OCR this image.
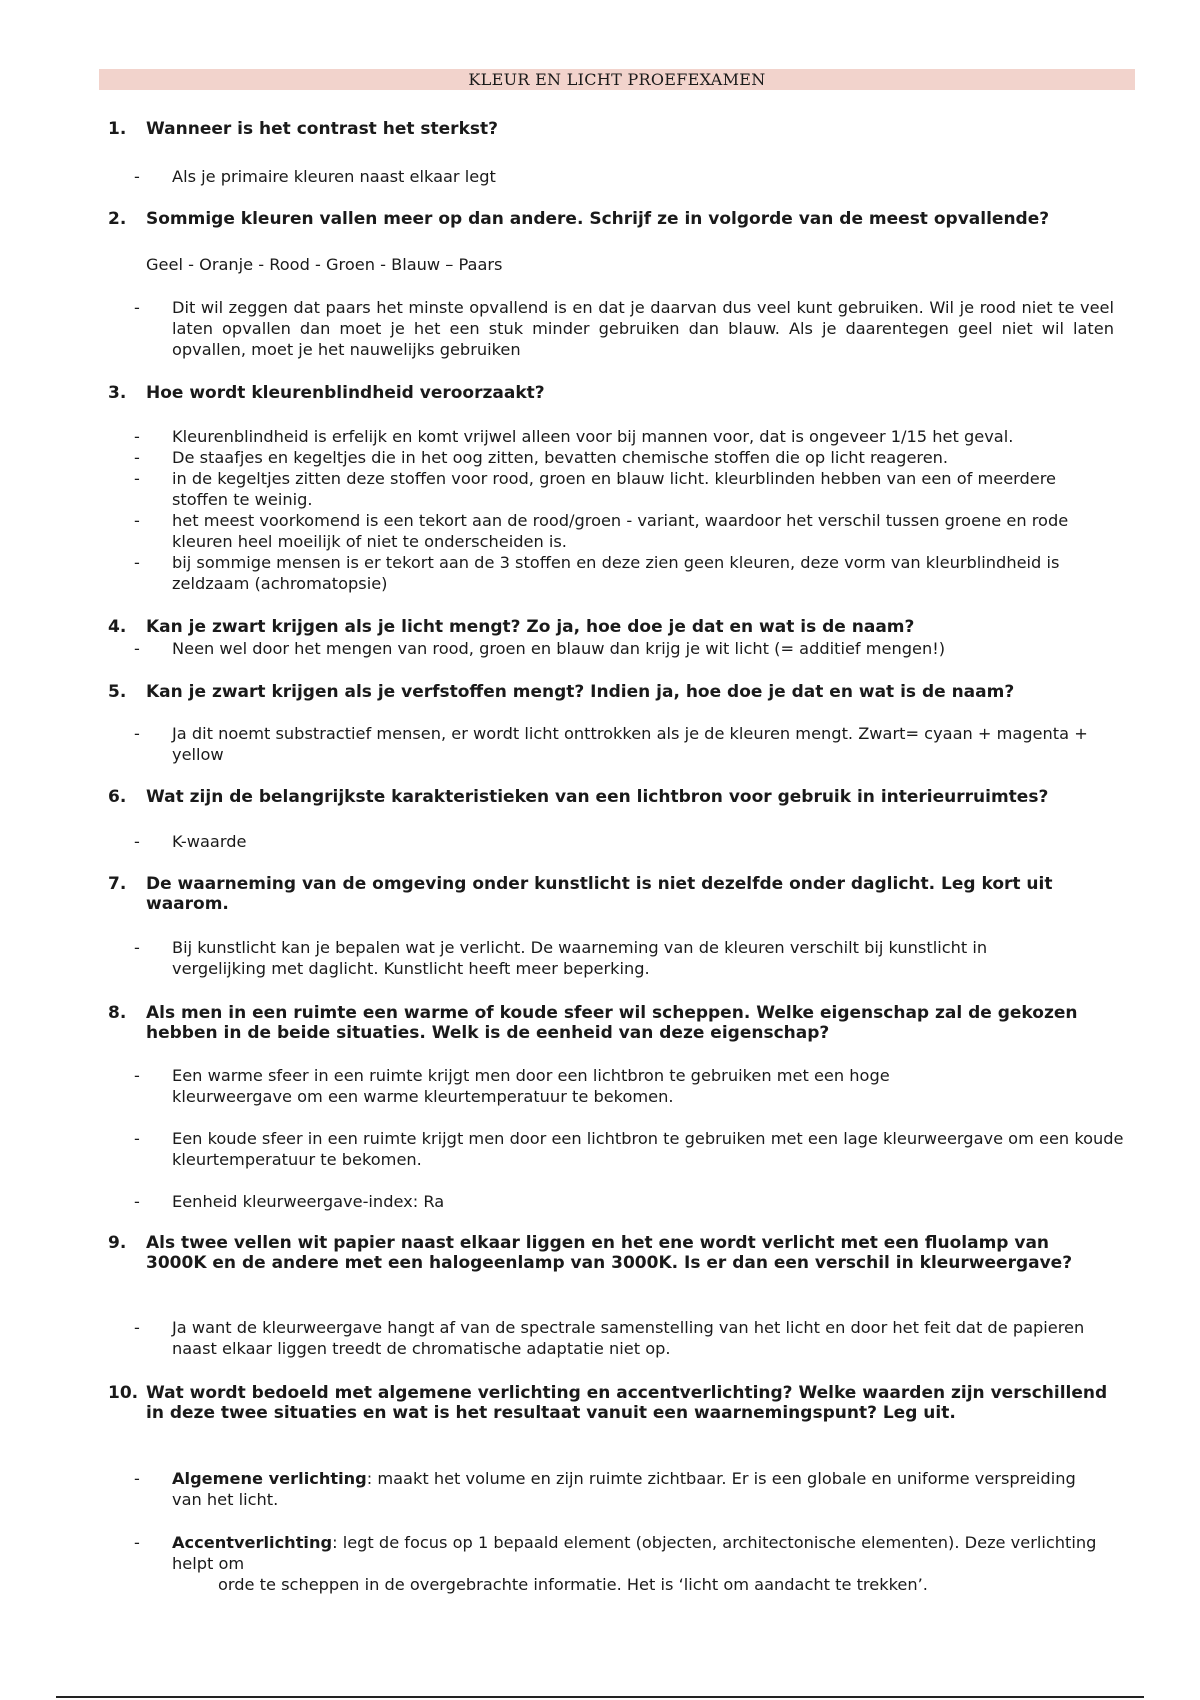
KLEUR EN LICHT PROEFEXAMEN
1.	Wanneer is het contrast het sterkst?
-	Als je primaire kleuren naast elkaar legt
2.	Sommige kleuren vallen meer op dan andere. Schrijf ze in volgorde van de meest opvallende?
Geel - Oranje - Rood - Groen - Blauw – Paars
-	Dit wil zeggen dat paars het minste opvallend is en dat je daarvan dus veel kunt gebruiken. Wil je rood niet te veel laten opvallen dan moet je het een stuk minder gebruiken dan blauw. Als je daarentegen geel niet wil laten opvallen, moet je het nauwelijks gebruiken
3.	Hoe wordt kleurenblindheid veroorzaakt?
-	Kleurenblindheid is erfelijk en komt vrijwel alleen voor bij mannen voor, dat is ongeveer 1/15 het geval.
-	De staafjes en kegeltjes die in het oog zitten, bevatten chemische stoffen die op licht reageren.
-	in de kegeltjes zitten deze stoffen voor rood, groen en blauw licht. kleurblinden hebben van een of meerdere stoffen te weinig.
-	het meest voorkomend is een tekort aan de rood/groen - variant, waardoor het verschil tussen groene en rode kleuren heel moeilijk of niet te onderscheiden is.
-	bij sommige mensen is er tekort aan de 3 stoffen en deze zien geen kleuren, deze vorm van kleurblindheid is zeldzaam (achromatopsie)
4.	Kan je zwart krijgen als je licht mengt? Zo ja, hoe doe je dat en wat is de naam?
-	Neen wel door het mengen van rood, groen en blauw dan krijg je wit licht (= additief mengen!)
5.	Kan je zwart krijgen als je verfstoffen mengt? Indien ja, hoe doe je dat en wat is de naam?
-	Ja dit noemt substractief mensen, er wordt licht onttrokken als je de kleuren mengt. Zwart= cyaan + magenta + yellow
6.	Wat zijn de belangrijkste karakteristieken van een lichtbron voor gebruik in interieurruimtes?
-	K-waarde
7.	De waarneming van de omgeving onder kunstlicht is niet dezelfde onder daglicht. Leg kort uit waarom.
-	Bij kunstlicht kan je bepalen wat je verlicht. De waarneming van de kleuren verschilt bij kunstlicht in vergelijking met daglicht. Kunstlicht heeft meer beperking.
8.	Als men in een ruimte een warme of koude sfeer wil scheppen. Welke eigenschap zal de gekozen hebben in de beide situaties. Welk is de eenheid van deze eigenschap?
-	Een warme sfeer in een ruimte krijgt men door een lichtbron te gebruiken met een hoge kleurweergave om een warme kleurtemperatuur te bekomen.
-	Een koude sfeer in een ruimte krijgt men door een lichtbron te gebruiken met een lage kleurweergave om een koude kleurtemperatuur te bekomen.
-	Eenheid kleurweergave-index: Ra
9.	Als twee vellen wit papier naast elkaar liggen en het ene wordt verlicht met een fluolamp van 3000K en de andere met een halogeenlamp van 3000K. Is er dan een verschil in kleurweergave?
-	Ja want de kleurweergave hangt af van de spectrale samenstelling van het licht en door het feit dat de papieren naast elkaar liggen treedt de chromatische adaptatie niet op.
10. Wat wordt bedoeld met algemene verlichting en accentverlichting? Welke waarden zijn verschillend in deze twee situaties en wat is het resultaat vanuit een waarnemingspunt? Leg uit.
-	Algemene verlichting: maakt het volume en zijn ruimte zichtbaar. Er is een globale en uniforme verspreiding van het licht.
-	Accentverlichting: legt de focus op 1 bepaald element (objecten, architectonische elementen). Deze verlichting helpt om
orde te scheppen in de overgebrachte informatie. Het is ‘licht om aandacht te trekken’.
